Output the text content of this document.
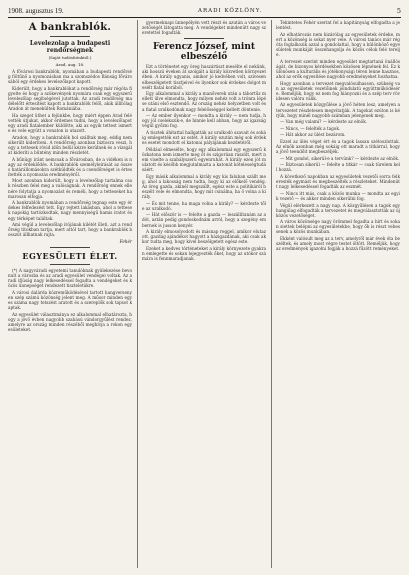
1908. augusztus 19.	ARADI KÖZLÖNY.	5
A bankrablók.
Levelezolap a budapesti rendőrségnek
(Saját tudósítónktól.)
Arad, aug. 18.

A fővárosi bankrablók, nyomában a budapesti rendőrség föltűnő a nyomozásban ma a szomszédos Bánság fővárosából egy érdekes levelezőlapot kapott.

Kiderült, hogy a bankrablókat a rendőrség már régóta figyelte és hogy a szökevények nyomára csak egy egyszerű levelezőlap segítségével jutottak. Az aradi rendőrség ma délelőtt értesítést kapott a bankrablók felől, akik állítólag Aradon át menekültek Romániába.

Ha szeget üthet a fejünkbe, hogy miért éppen Arad felé vették útjukat, akkor érdemes tudni, hogy a levelezőlapot egy aradi fiatalember küldötte, aki az egyik tettest ismerte és vele együtt a vonaton is utazott.

Aradon, hogy a bankrablók hol szálltak meg, eddig nem sikerült kideríteni. A rendőrség azonban biztosra veszi, hogy a tettesek rövid időn belül kézre kerülnek és a vizsgálat kideríti a bűntény minden részletét.

A bűnügy iránt nemcsak a fővárosban, de a vidéken is nagy az érdeklődés. A bankrablók személyleírását az összes határállomásokra szétküldték és a csendőrséget is értesítették a nyomozás eredményéről.

Most azonban kiderült, hogy a levelezőlap tartalma csak részben felel meg a valóságnak. A rendőrség ennek ellenére folytatja a nyomozást és reméli, hogy a tetteseket hamarosan elfogja.

A bankrablók nyomában a rendőrség tegnap este egy érdekes felfedezést tett. Egy rejtett lakásban, ahol a tettesek napokig tartózkodtak, nagy mennyiségű hamis iratot és egy térképet találtak.

Ami végül a levelezőlap írójának kilétét illeti, azt a rendőrség titokban tartja, mert attól tart, hogy a bankrablók bosszút állhatnak rajta.

Fehér
EGYESÜLETI ÉLET.

(*) A nagyváradi egyetemi tanulóknak gyülekezése bevonult a városba és az aradi egyesület vendégei voltak. Az aradi ifjúság nagy lelkesedéssel fogadta a vendégeket és közös ünnepséget rendezett tiszteletükre.

A városi dalárda közreműködésével tartott hangversenyen szép számú közönség jelent meg. A műsor minden egyes száma nagy tetszést aratott és a szereplők sok tapsot kaptak.

Az egyesület választmánya ez alkalommal elhatározta, hogy a jövő évben nagyobb szabású vándorgyűlést rendez, amelyre az ország minden részéből meghívja a rokon egyesületeket.

gyermeknapi ünnepélyén vett részt és azután a város vezetőségét látogatta meg. A vendégeket mindenütt nagy szeretettel fogadták.

Ferencz József, mint elbeszélő

Ezt a történetet egy öreg huszártiszt mesélte el nekünk, aki hosszú éveken át szolgált a király közvetlen környezetében. A király ugyanis, amikor jó kedvében volt, szívesen elbeszélgetett tisztjeivel és ilyenkor sok érdekes dolgot mesélt fiatal korából.

Egy alkalommal a király a manőverek után a tábortűz mellett ülve elmondta, hogy milyen nehéz volt a trónra lépése utáni első esztendő. Az ország nehéz helyzetben volt és a fiatal uralkodónak nagy felelősséggel kellett döntenie.

— Az ember ilyenkor — mondta a király — nem tudja, hogy jól cselekszik-e, de hinnie kell abban, hogy az igazság végül győzni fog.

A tisztek áhítattal hallgatták az uralkodó szavait és sokáig emlegették ezt az estét. A király ezután még sok érdekes esetet mondott el katonai pályájának kezdetéről.

Például elmesélte, hogy egy alkalommal egy egyszerű közkatona nem ismerte meg őt és szigorúan rászólt, mert nem viselte a szabályszerű egyenruhát. A király ezen jót mulatott és később megjutalmazta a katonát kötelességtudásáért.

Egy másik alkalommal a király egy kis faluban szállt meg, ahol a lakosság nem tudta, hogy ki az előkelő vendég. Az öreg gazda, akinél megszállt, egész este a politikáról beszélt vele és elmondta, hogy mit csinálna, ha ő volna a király.

— És mit tenne, ha maga volna a király? — kérdezte tőle az uralkodó.

— Hát először is — felelte a gazda — leszállítanám az adót, aztán pedig gondoskodnám arról, hogy a szegény embernek is jusson kenyér.

A király elmosolyodott és másnap reggel, amikor elutazott, gazdag ajándékot hagyott a házigazdának, aki csak akkor tudta meg, hogy kivel beszélgetett egész este.

Ezeket a kedves történeteket a király környezete gyakran emlegette és sokan lejegyezték őket, hogy az utókor számára is fennmaradjanak.

Tekintetes Fehér szerint fel a kapitányság elfogadta a jelentést.

Az elhatározás nem kizárólag az egyesületek érdeke, mert a közönség is sokat nyer vele. A városi tanács már régóta foglalkozik azzal a gondolattal, hogy a különböző egyesületek munkáját összehangolja és közös célok felé terelje.

A tervezet szerint minden egyesület megtartaná önállóságát, de bizonyos kérdésekben közösen lépnének fel. Ez különösen a kulturális és jótékonysági téren lenne hasznos, ahol az erők egyesítése nagyobb eredményeket hozhatna.

Hogy azonban a tervezet megvalósulhasson, szükség van az egyesületek vezetőinek jóindulatú együttműködésére. Reméljük, hogy ez nem fog hiányozni és a szép terv rövidesen valóra válik.

Az egyesületek közgyűlése a jövő héten lesz, amelyen a tervezetet részletesen megvitatják. A tagokat ezúton is kérjük, hogy minél nagyobb számban jelenjenek meg.

— Van még valami? — kérdezte az elnök.

— Nincs, — felelték a tagok.

— Hát akkor az ülést bezárom.

Ezzel az ülés véget ért és a tagok lassan szétoszlottak. Az elnök azonban még sokáig ott maradt a titkárral, hogy a jövő teendőit megbeszéljék.

— Mit gondol, sikerül-e a tervünk? — kérdezte az elnök.

— Biztosan sikerül — felelte a titkár — csak türelem kell hozzá.

A következő napokban az egyesületek vezetői sorra felkeresték egymást és megbeszélték a részleteket. Mindenütt nagy lelkesedéssel fogadták az eszmét.

— Nincs itt más, csak a közös munka — mondta az egyik vezető — és akkor minden sikerülni fog.

Végül elérkezett a nagy nap. A közgyűlésen a tagok egyhangúlag elfogadták a tervezetet és megválasztották az új közös vezetőséget.

A város közönsége nagy örömmel fogadta a hírt és sokan siettek belépni az egyesületekbe, hogy ők is részt vehessenek a közös munkában.

Ekként valósult meg az a terv, amelyről már évek óta beszéltek, és amely most végre testet öltött. Reméljük, hogy az eredmények igazolni fogják a hozzá fűzött reményeket.
